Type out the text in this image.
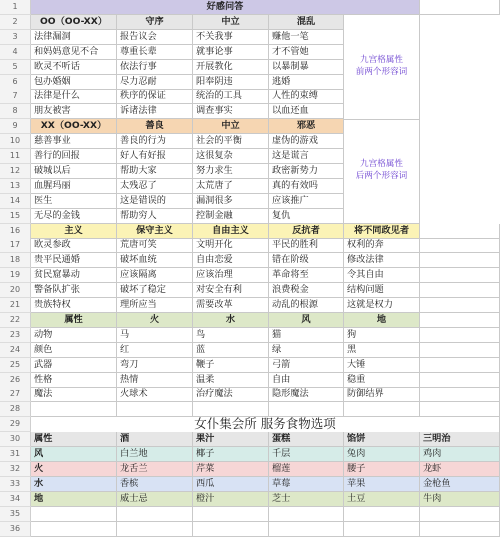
1
2
3
4
5
6
7
8
9
10
11
12
13
14
15
16
17
18
19
20
21
22
23
24
25
26
27
28
29
30
31
32
33
34
35
36
好感问答
OO（OO-XX）	守序	中立	混乱
法律漏洞	报告议会	不关我事	赚他一笔
和妈妈意见不合	尊重长辈	就事论事	才不管她
欧灵不听话	依法行事	开展教化	以暴制暴
包办婚姻	尽力忍耐	阳奉阴违	逃婚
法律是什么	秩序的保证	统治的工具	人性的束缚
朋友被害	诉诸法律	调查事实	以血还血
九宫格属性
前两个形容词
XX（OO-XX）	善良	中立	邪恶
慈善事业	善良的行为	社会的平衡	虚伪的游戏
善行的回报	好人有好报	这很复杂	这是谎言
破城以后	帮助大家	努力求生	政密新势力
血腥玛丽	太残忍了	太荒唐了	真的有效吗
医生	这是错误的	漏洞很多	应该推广
无尽的金钱	帮助穷人	控制金融	复仇
九宫格属性
后两个形容词
主义	保守主义	自由主义	反抗者	将不同政见者
欧灵参政	荒唐可笑	文明开化	平民的胜利	权利的奔
贵平民通婚	破坏血统	自由恋爱	错在阶级	修改法律
贫民窟暴动	应该隔离	应该治理	革命将至	令其自由
警备队扩张	破坏了稳定	对安全有利	浪费税金	结构问题
贵族特权	理所应当	需要改革	动乱的根源	这就是权力
属性	火	水	风	地
动物	马	鸟	猫	狗
颜色	红	蓝	绿	黑
武器	弯刀	鞭子	弓箭	大锤
性格	热情	温柔	自由	稳重
魔法	火球术	治疗魔法	隐形魔法	防御结界
女仆集会所 服务食物选项
属性	酒	果汁	蛋糕	馅饼	三明治
风	白兰地	椰子	千层	兔肉	鸡肉
火	龙舌兰	芹菜	榴莲	腰子	龙虾
水	香槟	西瓜	草莓	苹果	金枪鱼
地	威士忌	橙汁	芝士	土豆	牛肉
